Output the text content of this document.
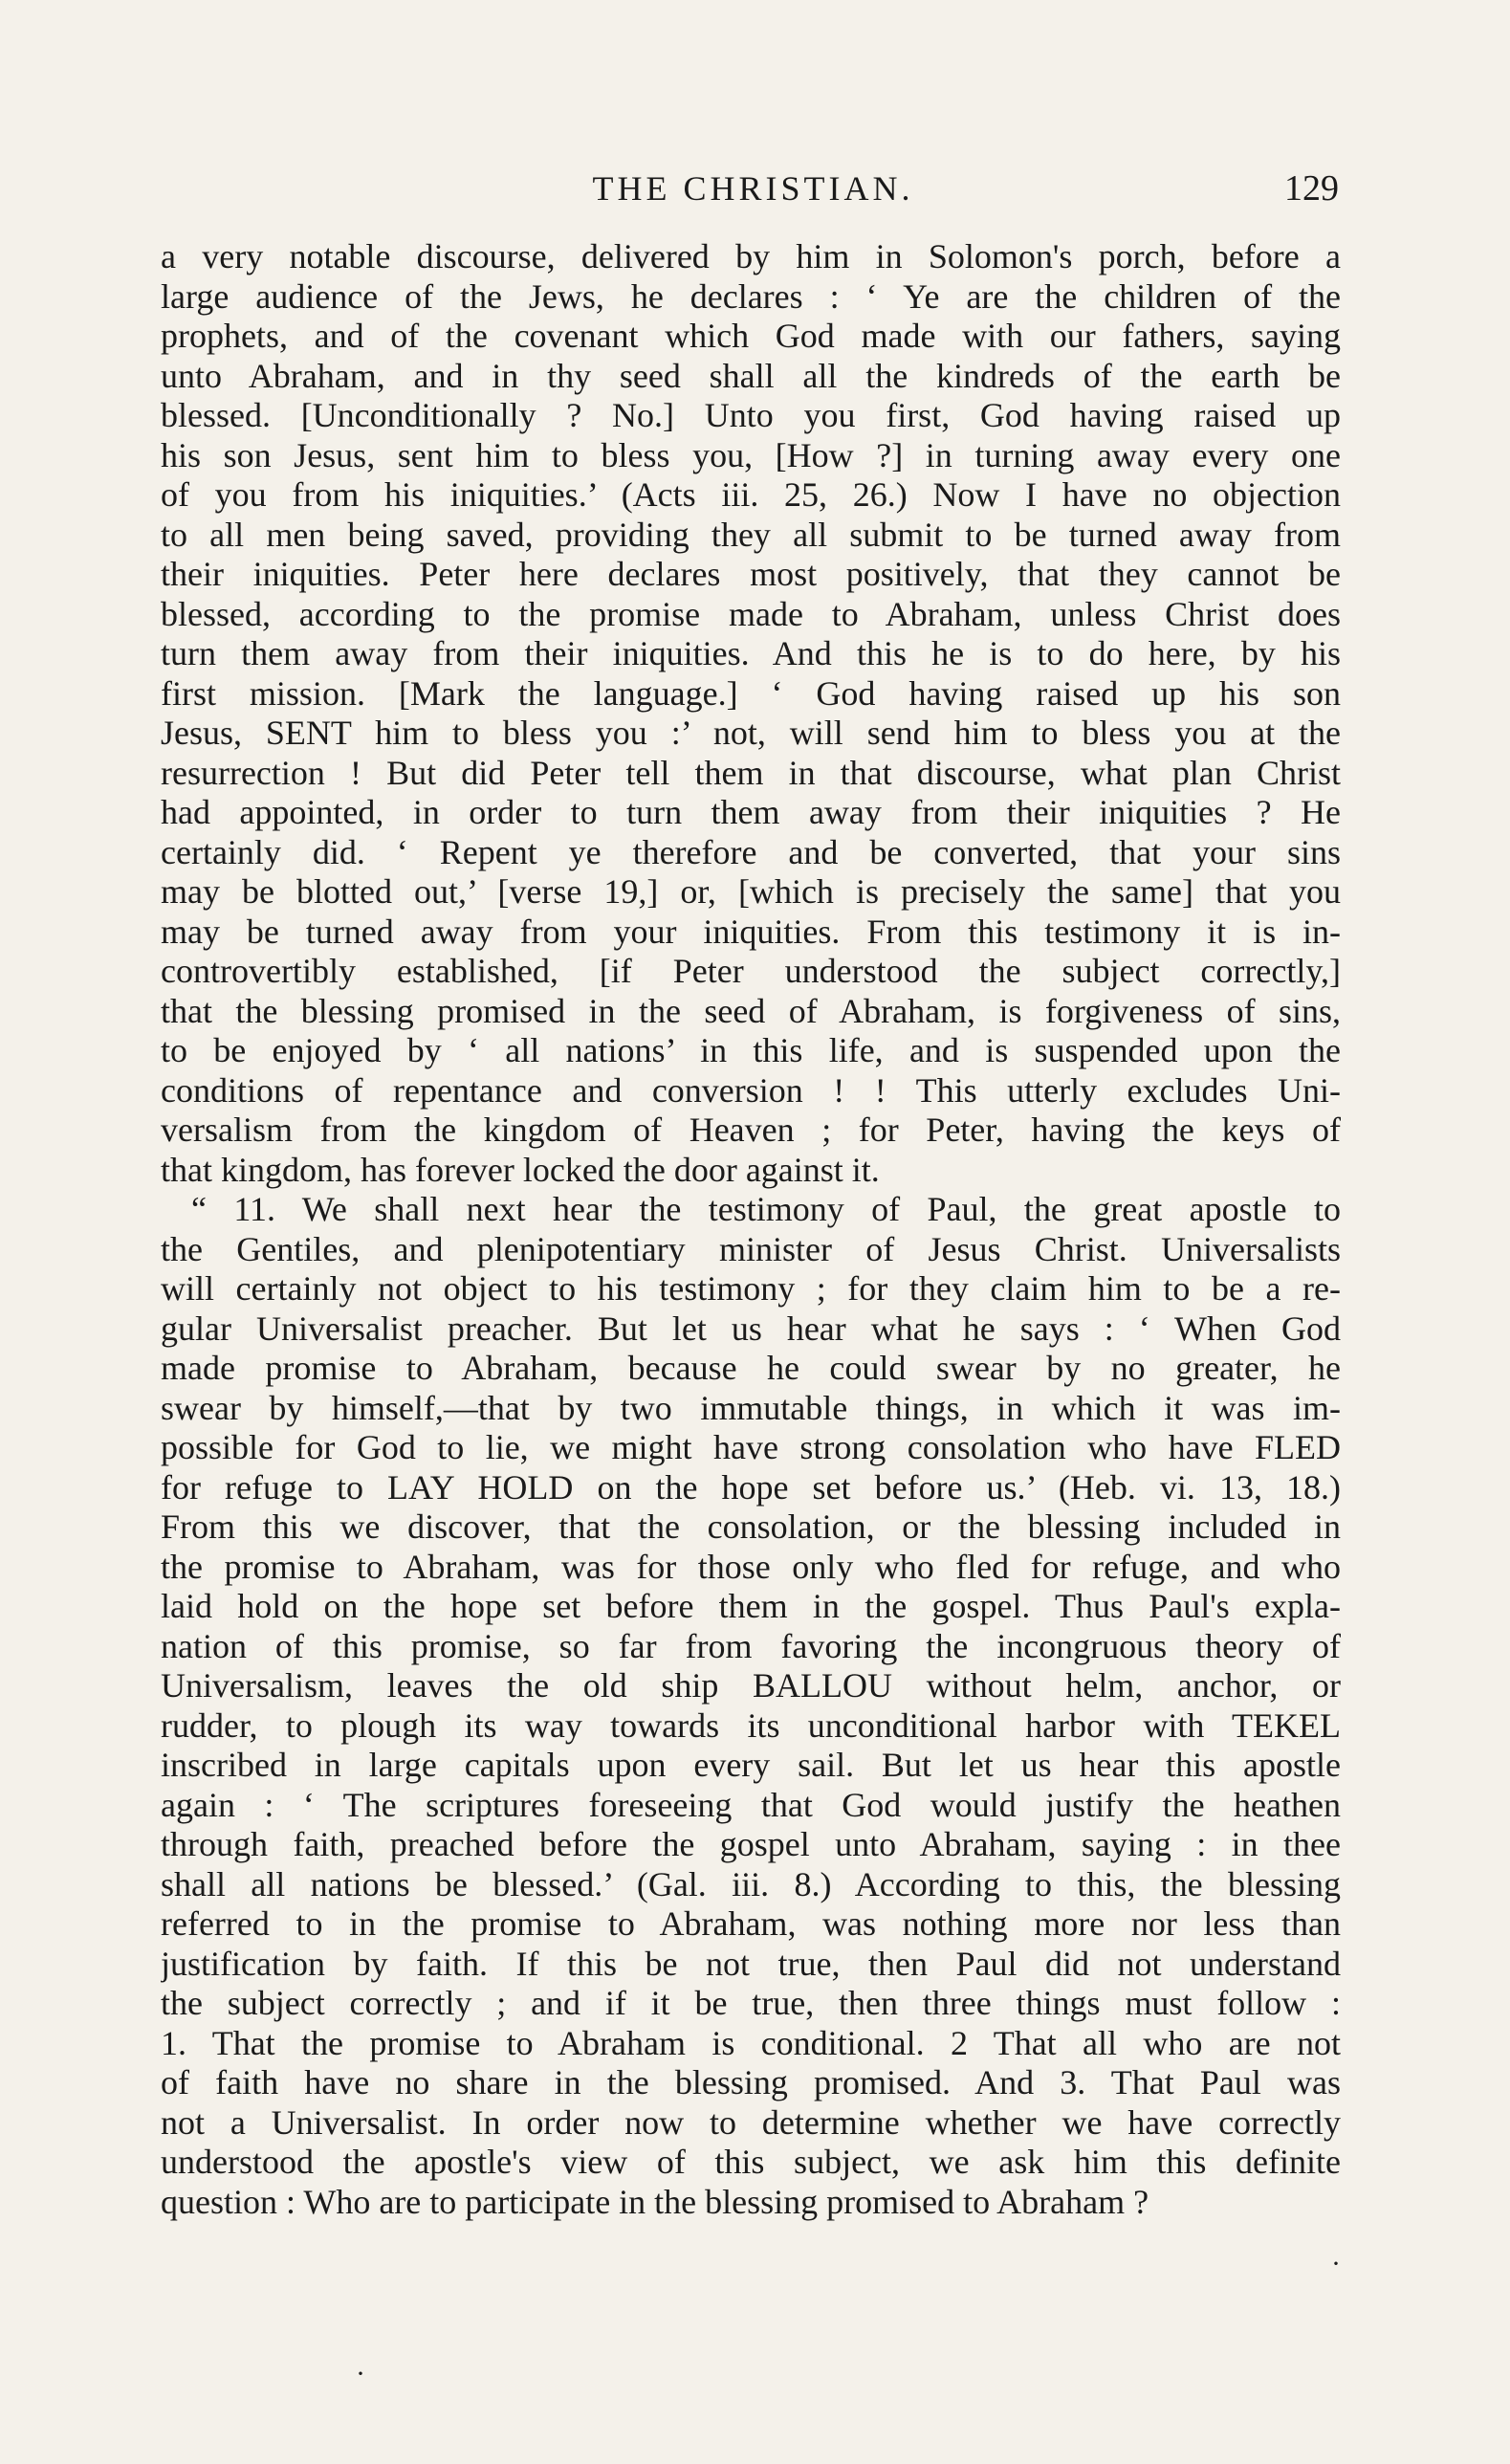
THE CHRISTIAN.	129
a very notable discourse, delivered by him in Solomon's porch, before a
large audience of the Jews, he declares : ‘ Ye are the children of the
prophets, and of the covenant which God made with our fathers, saying
unto Abraham, and in thy seed shall all the kindreds of the earth be
blessed. [Unconditionally ? No.] Unto you first, God having raised up
his son Jesus, sent him to bless you, [How ?] in turning away every one
of you from his iniquities.’ (Acts iii. 25, 26.) Now I have no objection
to all men being saved, providing they all submit to be turned away from
their iniquities. Peter here declares most positively, that they cannot be
blessed, according to the promise made to Abraham, unless Christ does
turn them away from their iniquities. And this he is to do here, by his
first mission. [Mark the language.] ‘ God having raised up his son
Jesus, SENT him to bless you :’ not, will send him to bless you at the
resurrection ! But did Peter tell them in that discourse, what plan Christ
had appointed, in order to turn them away from their iniquities ? He
certainly did. ‘ Repent ye therefore and be converted, that your sins
may be blotted out,’ [verse 19,] or, [which is precisely the same] that you
may be turned away from your iniquities. From this testimony it is in-
controvertibly established, [if Peter understood the subject correctly,]
that the blessing promised in the seed of Abraham, is forgiveness of sins,
to be enjoyed by ‘ all nations’ in this life, and is suspended upon the
conditions of repentance and conversion ! ! This utterly excludes Uni-
versalism from the kingdom of Heaven ; for Peter, having the keys of
that kingdom, has forever locked the door against it.
“ 11. We shall next hear the testimony of Paul, the great apostle to
the Gentiles, and plenipotentiary minister of Jesus Christ. Universalists
will certainly not object to his testimony ; for they claim him to be a re-
gular Universalist preacher. But let us hear what he says : ‘ When God
made promise to Abraham, because he could swear by no greater, he
swear by himself,—that by two immutable things, in which it was im-
possible for God to lie, we might have strong consolation who have FLED
for refuge to LAY HOLD on the hope set before us.’ (Heb. vi. 13, 18.)
From this we discover, that the consolation, or the blessing included in
the promise to Abraham, was for those only who fled for refuge, and who
laid hold on the hope set before them in the gospel. Thus Paul's expla-
nation of this promise, so far from favoring the incongruous theory of
Universalism, leaves the old ship BALLOU without helm, anchor, or
rudder, to plough its way towards its unconditional harbor with TEKEL
inscribed in large capitals upon every sail. But let us hear this apostle
again : ‘ The scriptures foreseeing that God would justify the heathen
through faith, preached before the gospel unto Abraham, saying : in thee
shall all nations be blessed.’ (Gal. iii. 8.) According to this, the blessing
referred to in the promise to Abraham, was nothing more nor less than
justification by faith. If this be not true, then Paul did not understand
the subject correctly ; and if it be true, then three things must follow :
1. That the promise to Abraham is conditional. 2 That all who are not
of faith have no share in the blessing promised. And 3. That Paul was
not a Universalist. In order now to determine whether we have correctly
understood the apostle's view of this subject, we ask him this definite
question : Who are to participate in the blessing promised to Abraham ?
·
·
